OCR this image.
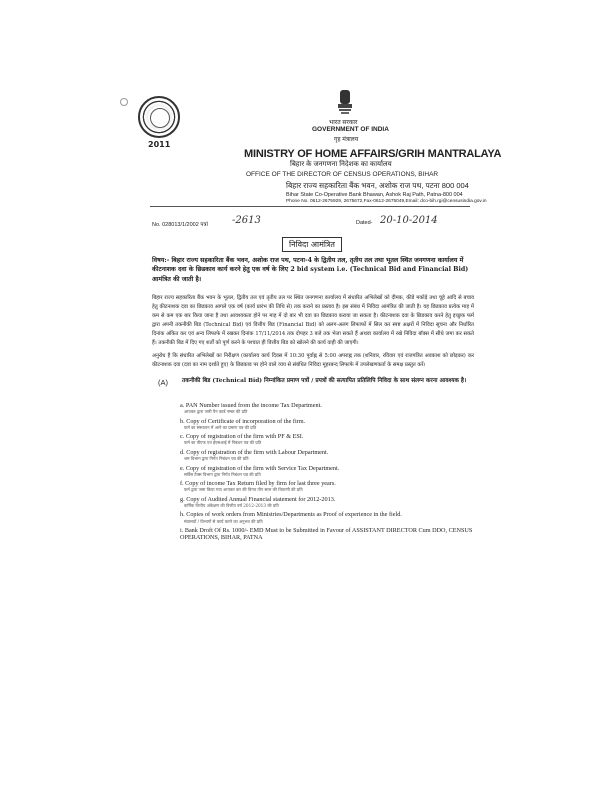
2011
भारत सरकार
GOVERNMENT OF INDIA
गृह मंत्रालय
MINISTRY OF HOME AFFAIRS/GRIH MANTRALAYA
बिहार के जनगणना निदेशक का कार्यालय
OFFICE OF THE DIRECTOR OF CENSUS OPERATIONS, BIHAR
बिहार राज्य सहकारिता बैंक भवन, अशोक राज पथ, पटना 800 004
Bihar State Co-Operative Bank Bhawan, Ashok Raj Path, Patna-800 004
Phone No. 0612-2675929, 2675672,Fax-0612-2675049,Email: dco-bih.rgi@censusindia.gov.in
No. 028013/1/2002 पत्रां -2613	Dated- 20-10-2014
निविदा आमंत्रित
विषय:- बिहार राज्य सहकारिता बैंक भवन, अशोक राज पथ, पटना-4 के द्वितीय तल, तृतीय तल तथा भूतल स्थित जनगणना कार्यालय में कीटनाशक दवा के छिडकाव कार्य करने हेतु एक वर्ष के लिए 2 bid system i.e. (Technical Bid and Financial Bid) आमंत्रित की जाती है।
बिहार राज्य सहकारिता बैंक भवन के भूतल, द्वितीय तल एवं तृतीय तल पर स्थित जनगणना कार्यालय में संधारित अभिलेखों को दीमक, कीडे मकोड़े तथा चूहे आदि से बचाव हेतु कीटनाशक दवा का छिडकाव आगले एक वर्ष (कार्य प्रारंभ की तिथि से) तक कराने का प्रस्ताव है। इस संबंध में निविदा आमंत्रित की जाती है। यह छिडकाव प्रत्येक माह में कम से कम एक बार किया जाना है तथा आवश्यकता होने पर माह में दो बार भी दवा का छिडकाव कराया जा सकता है। कीटनाशक दवा के छिडकाव करने हेतु इच्छुक फर्म द्वारा अपनी तकनीकी बिड (Technical Bid) एवं वित्तीय बिड (Financial Bid) को अलग-अलग लिफाफों में सिल कर स्पष्ट अक्षरों में निविदा सूचना और निर्धारित दिनांक अंकित कर एवं अन्य लिफाफे में रखकर दिनांक 17/11/2014 तक दोपहर 3 बजे तक भेजा सकते हैं अथवा कार्यालय में रखे निविदा बॉक्स में सीधे जमा कर सकते हैं। तकनीकी बिड में दिए गए शर्तों को पूर्ण करने के पश्चात ही वित्तीय बिड को खोलने की कार्य वाही की जाएगी।
अनुरोध है कि संधारित अभिलेखों का निरीक्षण (कार्यालय कार्य दिवस में 10:30 पूर्वाह्न से 5:00 अपराह्न तक (शनिवार, रविवार एवं राजपत्रित अवकाश को छोड़कर) कर कीटनाशक दवा (दवा का नाम दर्शाते हुए) के छिडकाव पर होने वाले व्यय से संबंधित निविदा मूहरबन्द लिफाफे में उपलेखणकर्ता के समक्ष प्रस्तुत करें।
(A) तकनीकी बिड (Technical Bid) निम्नांकित प्रमाण पत्रों / प्रपत्रों की सत्यापित प्रतिलिपि निविदा के साथ संलग्न करना आवश्यक है।
a. PAN Number issued from the income Tax Department.
आयकर द्वारा जारी पैन कार्ड नम्बर की प्रति
b. Copy of Certificate of incorporation of the firm.
फर्म का संस्थापन में आने का प्रमाण पत्र की प्रति
c. Copy of registration of the firm with PF & ESI.
फर्म का पीएफ एवं ईएसआई में निबंधन पत्र की प्रति
d. Copy of registration of the firm with Labour Department.
श्रम विभाग द्वारा निर्गत निबंधन पत्र की प्रति
e. Copy of registration of the firm with Service Tax Department.
सर्विस टैक्स विभाग द्वारा निर्गत निबंधन पत्र की प्रति
f. Copy of income Tax Return filed by firm for last three years.
फर्म द्वारा जमा किया गया आयकर कर की विगत तीन साल की विवरणी की प्रति
g. Copy of Audited Annual Financial statement for 2012-2013.
वार्षिक वित्तीय अंकेक्षण की वित्तीय वर्ष 2012-2013 की प्रति
h. Copies of work orders from Ministries/Departments as Proof of experience in the field.
मंत्रालयों / विभागों से कार्य करने का अनुभव की प्रति
i. Bank Droft Of Rs. 1000/- EMD Must to be Submitted in Favour of ASSISTANT DIRECTOR Cum DDO, CENSUS OPERATIONS, BIHAR, PATNA
